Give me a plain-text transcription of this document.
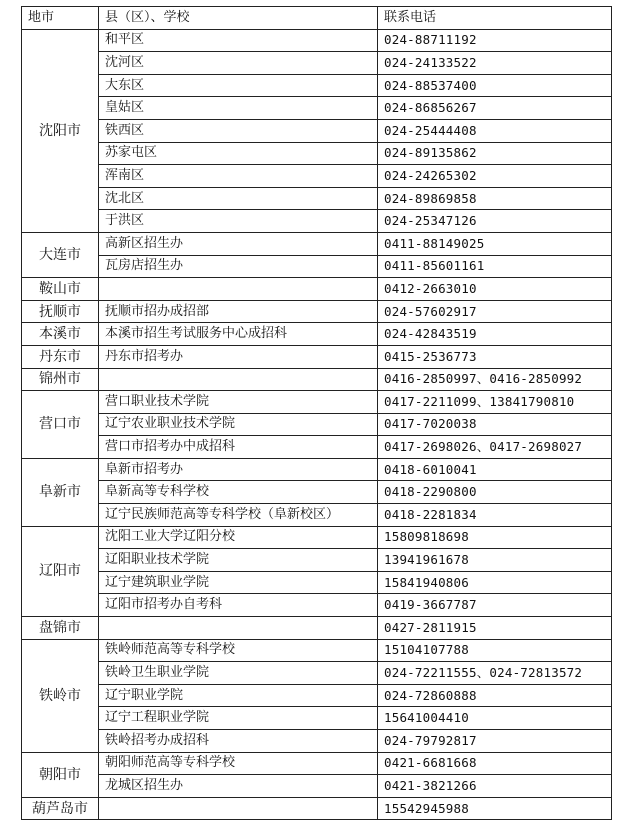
地市	县（区）、学校	联系电话
沈阳市	和平区	024-88711192
	沈河区	024-24133522
	大东区	024-88537400
	皇姑区	024-86856267
	铁西区	024-25444408
	苏家屯区	024-89135862
	浑南区	024-24265302
	沈北区	024-89869858
	于洪区	024-25347126
大连市	高新区招生办	0411-88149025
	瓦房店招生办	0411-85601161
鞍山市		0412-2663010
抚顺市	抚顺市招办成招部	024-57602917
本溪市	本溪市招生考试服务中心成招科	024-42843519
丹东市	丹东市招考办	0415-2536773
锦州市		0416-2850997、0416-2850992
营口市	营口职业技术学院	0417-2211099、13841790810
	辽宁农业职业技术学院	0417-7020038
	营口市招考办中成招科	0417-2698026、0417-2698027
阜新市	阜新市招考办	0418-6010041
	阜新高等专科学校	0418-2290800
	辽宁民族师范高等专科学校（阜新校区）	0418-2281834
辽阳市	沈阳工业大学辽阳分校	15809818698
	辽阳职业技术学院	13941961678
	辽宁建筑职业学院	15841940806
	辽阳市招考办自考科	0419-3667787
盘锦市		0427-2811915
铁岭市	铁岭师范高等专科学校	15104107788
	铁岭卫生职业学院	024-72211555、024-72813572
	辽宁职业学院	024-72860888
	辽宁工程职业学院	15641004410
	铁岭招考办成招科	024-79792817
朝阳市	朝阳师范高等专科学校	0421-6681668
	龙城区招生办	0421-3821266
葫芦岛市		15542945988
